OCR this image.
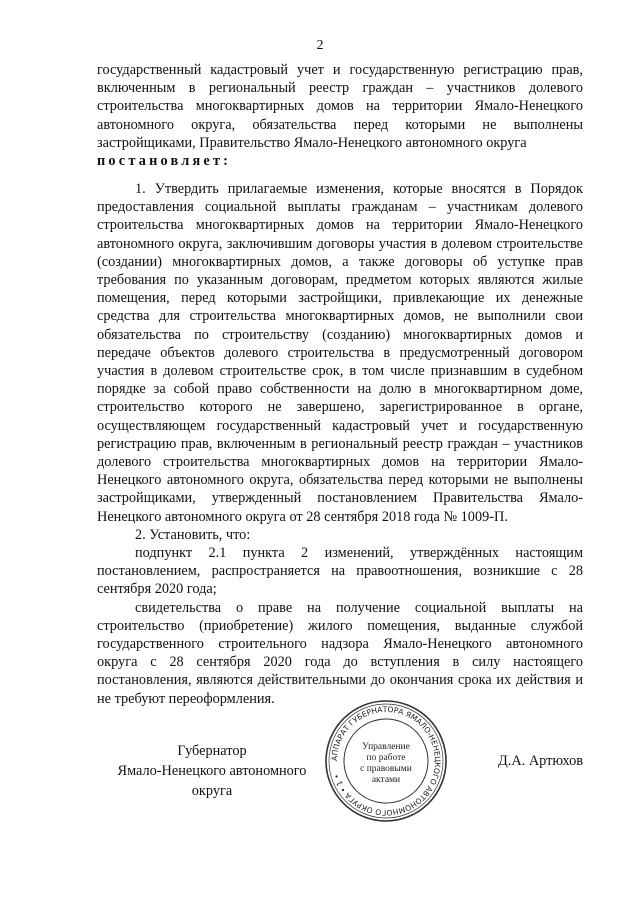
2
государственный кадастровый учет и государственную регистрацию прав, включенным в региональный реестр граждан – участников долевого строительства многоквартирных домов на территории Ямало-Ненецкого автономного округа, обязательства перед которыми не выполнены застройщиками, Правительство Ямало-Ненецкого автономного округа
постановляет:

1. Утвердить прилагаемые изменения, которые вносятся в Порядок предоставления социальной выплаты гражданам – участникам долевого строительства многоквартирных домов на территории Ямало-Ненецкого автономного округа, заключившим договоры участия в долевом строительстве (создании) многоквартирных домов, а также договоры об уступке прав требования по указанным договорам, предметом которых являются жилые помещения, перед которыми застройщики, привлекающие их денежные средства для строительства многоквартирных домов, не выполнили свои обязательства по строительству (созданию) многоквартирных домов и передаче объектов долевого строительства в предусмотренный договором участия в долевом строительстве срок, в том числе признавшим в судебном порядке за собой право собственности на долю в многоквартирном доме, строительство которого не завершено, зарегистрированное в органе, осуществляющем государственный кадастровый учет и государственную регистрацию прав, включенным в региональный реестр граждан – участников долевого строительства многоквартирных домов на территории Ямало-Ненецкого автономного округа, обязательства перед которыми не выполнены застройщиками, утвержденный постановлением Правительства Ямало-Ненецкого автономного округа от 28 сентября 2018 года № 1009-П.

2. Установить, что:

подпункт 2.1 пункта 2 изменений, утверждённых настоящим постановлением, распространяется на правоотношения, возникшие с 28 сентября 2020 года;

свидетельства о праве на получение социальной выплаты на строительство (приобретение) жилого помещения, выданные службой государственного строительного надзора Ямало-Ненецкого автономного округа с 28 сентября 2020 года до вступления в силу настоящего постановления, являются действительными до окончания срока их действия и не требуют переоформления.

Губернатор
Ямало-Ненецкого автономного округа
Д.А. Артюхов
АППАРАТ ГУБЕРНАТОРА ЯМАЛО-НЕНЕЦКОГО АВТОНОМНОГО ОКРУГА • 1 •
Управление
по работе
с правовыми
актами
